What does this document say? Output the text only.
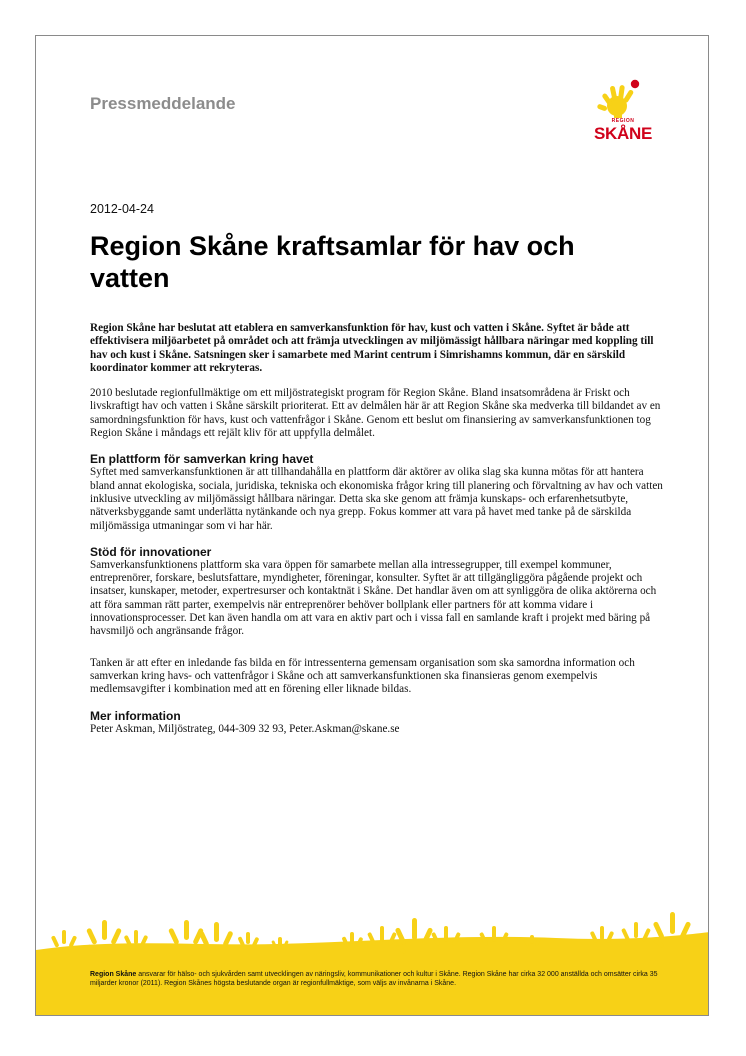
Pressmeddelande
REGION
SKÅNE
2012-04-24
Region Skåne kraftsamlar för hav och vatten

Region Skåne har beslutat att etablera en samverkansfunktion för hav, kust och vatten i Skåne. Syftet är både att effektivisera miljöarbetet på området och att främja utvecklingen av miljömässigt hållbara näringar med koppling till hav och kust i Skåne. Satsningen sker i samarbete med Marint centrum i Simrishamns kommun, där en särskild koordinator kommer att rekryteras.

2010 beslutade regionfullmäktige om ett miljöstrategiskt program för Region Skåne. Bland insatsområdena är Friskt och livskraftigt hav och vatten i Skåne särskilt prioriterat. Ett av delmålen här är att Region Skåne ska medverka till bildandet av en samordningsfunktion för havs, kust och vattenfrågor i Skåne. Genom ett beslut om finansiering av samverkansfunktionen tog Region Skåne i måndags ett rejält kliv för att uppfylla delmålet.

En plattform för samverkan kring havet

Syftet med samverkansfunktionen är att tillhandahålla en plattform där aktörer av olika slag ska kunna mötas för att hantera bland annat ekologiska, sociala, juridiska, tekniska och ekonomiska frågor kring till planering och förvaltning av hav och vatten inklusive utveckling av miljömässigt hållbara näringar. Detta ska ske genom att främja kunskaps- och erfarenhetsutbyte, nätverksbyggande samt underlätta nytänkande och nya grepp. Fokus kommer att vara på havet med tanke på de särskilda miljömässiga utmaningar som vi har här.

Stöd för innovationer

Samverkansfunktionens plattform ska vara öppen för samarbete mellan alla intressegrupper, till exempel kommuner, entreprenörer, forskare, beslutsfattare, myndigheter, föreningar, konsulter. Syftet är att tillgängliggöra pågående projekt och insatser, kunskaper, metoder, expertresurser och kontaktnät i Skåne. Det handlar även om att synliggöra de olika aktörerna och att föra samman rätt parter, exempelvis när entreprenörer behöver bollplank eller partners för att komma vidare i innovationsprocesser. Det kan även handla om att vara en aktiv part och i vissa fall en samlande kraft i projekt med bäring på havsmiljö och angränsande frågor.

Tanken är att efter en inledande fas bilda en för intressenterna gemensam organisation som ska samordna information och samverkan kring havs- och vattenfrågor i Skåne och att samverkansfunktionen ska finansieras genom exempelvis medlemsavgifter i kombination med att en förening eller liknade bildas.

Mer information

Peter Askman, Miljöstrateg, 044-309 32 93, Peter.Askman@skane.se

Region Skåne ansvarar för hälso- och sjukvården samt utvecklingen av näringsliv, kommunikationer och kultur i Skåne. Region Skåne har cirka 32 000 anställda och omsätter cirka 35 miljarder kronor (2011). Region Skånes högsta beslutande organ är regionfullmäktige, som väljs av invånarna i Skåne.
